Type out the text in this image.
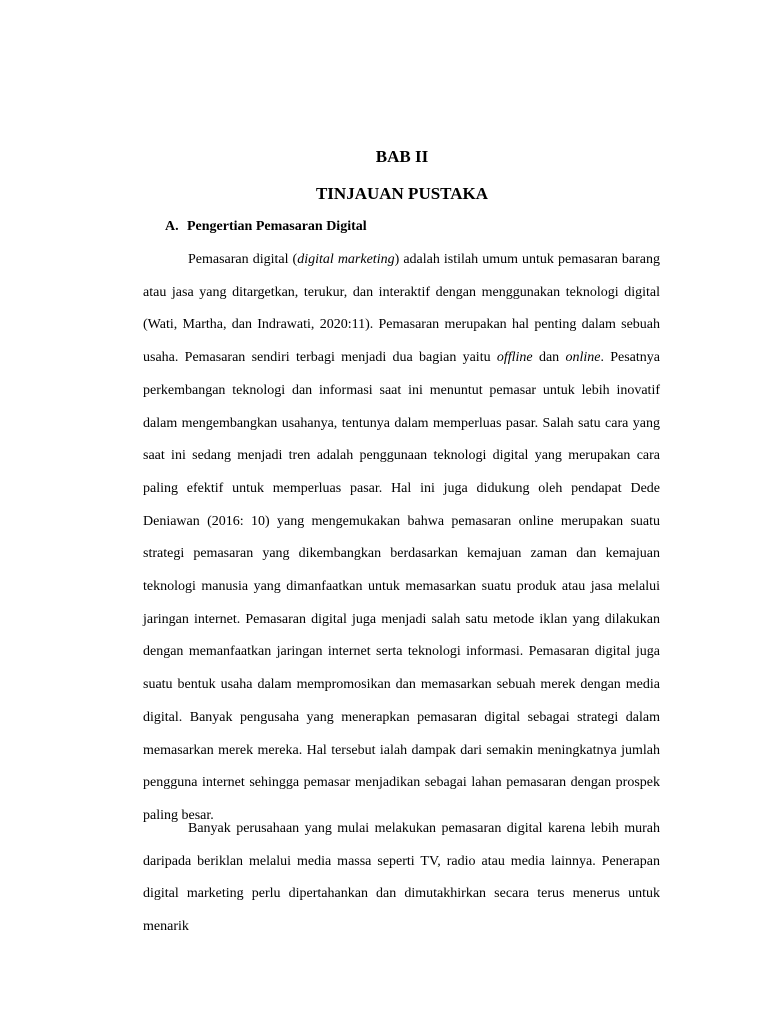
BAB II
TINJAUAN PUSTAKA
A. Pengertian Pemasaran Digital

Pemasaran digital (digital marketing) adalah istilah umum untuk pemasaran barang atau jasa yang ditargetkan, terukur, dan interaktif dengan menggunakan teknologi digital (Wati, Martha, dan Indrawati, 2020:11). Pemasaran merupakan hal penting dalam sebuah usaha. Pemasaran sendiri terbagi menjadi dua bagian yaitu offline dan online. Pesatnya perkembangan teknologi dan informasi saat ini menuntut pemasar untuk lebih inovatif dalam mengembangkan usahanya, tentunya dalam memperluas pasar. Salah satu cara yang saat ini sedang menjadi tren adalah penggunaan teknologi digital yang merupakan cara paling efektif untuk memperluas pasar. Hal ini juga didukung oleh pendapat Dede Deniawan (2016: 10) yang mengemukakan bahwa pemasaran online merupakan suatu strategi pemasaran yang dikembangkan berdasarkan kemajuan zaman dan kemajuan teknologi manusia yang dimanfaatkan untuk memasarkan suatu produk atau jasa melalui jaringan internet. Pemasaran digital juga menjadi salah satu metode iklan yang dilakukan dengan memanfaatkan jaringan internet serta teknologi informasi. Pemasaran digital juga suatu bentuk usaha dalam mempromosikan dan memasarkan sebuah merek dengan media digital. Banyak pengusaha yang menerapkan pemasaran digital sebagai strategi dalam memasarkan merek mereka. Hal tersebut ialah dampak dari semakin meningkatnya jumlah pengguna internet sehingga pemasar menjadikan sebagai lahan pemasaran dengan prospek paling besar.

Banyak perusahaan yang mulai melakukan pemasaran digital karena lebih murah daripada beriklan melalui media massa seperti TV, radio atau media lainnya. Penerapan digital marketing perlu dipertahankan dan dimutakhirkan secara terus menerus untuk menarik
